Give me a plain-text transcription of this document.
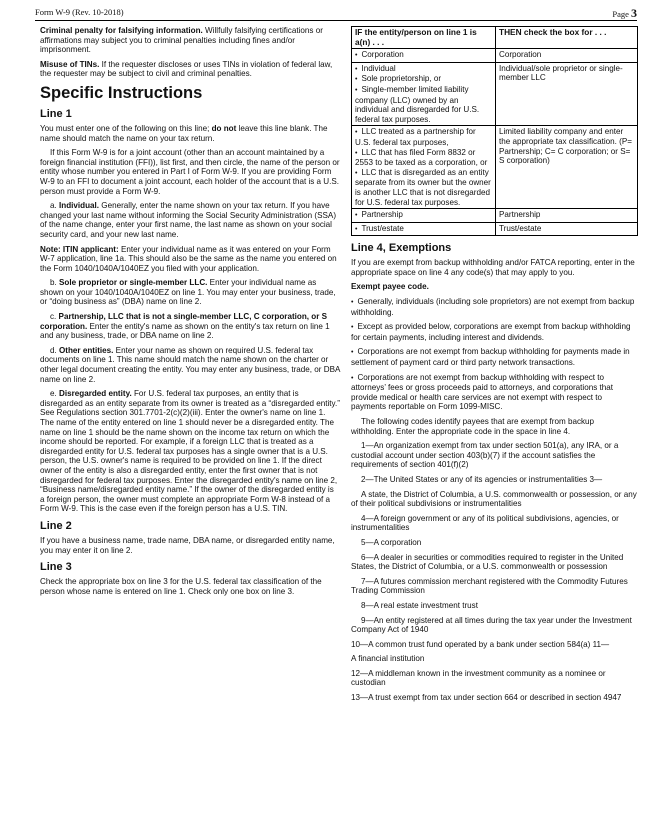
Form W-9 (Rev. 10-2018)	Page 3

Criminal penalty for falsifying information. Willfully falsifying certifications or affirmations may subject you to criminal penalties including fines and/or imprisonment.

Misuse of TINs. If the requester discloses or uses TINs in violation of federal law, the requester may be subject to civil and criminal penalties.

Specific Instructions
Line 1

You must enter one of the following on this line; do not leave this line blank. The name should match the name on your tax return.

If this Form W-9 is for a joint account (other than an account maintained by a foreign financial institution (FFI)), list first, and then circle, the name of the person or entity whose number you entered in Part I of Form W-9. If you are providing Form W-9 to an FFI to document a joint account, each holder of the account that is a U.S. person must provide a Form W-9.

a. Individual. Generally, enter the name shown on your tax return. If you have changed your last name without informing the Social Security Administration (SSA) of the name change, enter your first name, the last name as shown on your social security card, and your new last name.

Note: ITIN applicant: Enter your individual name as it was entered on your Form W-7 application, line 1a. This should also be the same as the name you entered on the Form 1040/1040A/1040EZ you filed with your application.

b. Sole proprietor or single-member LLC. Enter your individual name as shown on your 1040/1040A/1040EZ on line 1. You may enter your business, trade, or “doing business as” (DBA) name on line 2.

c. Partnership, LLC that is not a single-member LLC, C corporation, or S corporation. Enter the entity's name as shown on the entity's tax return on line 1 and any business, trade, or DBA name on line 2.

d. Other entities. Enter your name as shown on required U.S. federal tax documents on line 1. This name should match the name shown on the charter or other legal document creating the entity. You may enter any business, trade, or DBA name on line 2.

e. Disregarded entity. For U.S. federal tax purposes, an entity that is disregarded as an entity separate from its owner is treated as a “disregarded entity.” See Regulations section 301.7701-2(c)(2)(iii). Enter the owner's name on line 1. The name of the entity entered on line 1 should never be a disregarded entity. The name on line 1 should be the name shown on the income tax return on which the income should be reported. For example, if a foreign LLC that is treated as a disregarded entity for U.S. federal tax purposes has a single owner that is a U.S. person, the U.S. owner's name is required to be provided on line 1. If the direct owner of the entity is also a disregarded entity, enter the first owner that is not disregarded for federal tax purposes. Enter the disregarded entity's name on line 2, “Business name/disregarded entity name.” If the owner of the disregarded entity is a foreign person, the owner must complete an appropriate Form W-8 instead of a Form W-9. This is the case even if the foreign person has a U.S. TIN.

Line 2

If you have a business name, trade name, DBA name, or disregarded entity name, you may enter it on line 2.

Line 3

Check the appropriate box on line 3 for the U.S. federal tax classification of the person whose name is entered on line 1. Check only one box on line 3.

IF the entity/person on line 1 is a(n) . . .	THEN check the box for . . .

• Corporation	Corporation

• Individual
• Sole proprietorship, or
• Single-member limited liability company (LLC) owned by an individual and disregarded for U.S. federal tax purposes.	Individual/sole proprietor or single-member LLC

• LLC treated as a partnership for U.S. federal tax purposes,
• LLC that has filed Form 8832 or 2553 to be taxed as a corporation, or
• LLC that is disregarded as an entity separate from its owner but the owner is another LLC that is not disregarded for U.S. federal tax purposes.	Limited liability company and enter the appropriate tax classification. (P= Partnership; C= C corporation; or S= S corporation)

• Partnership	Partnership

• Trust/estate	Trust/estate
Line 4, Exemptions

If you are exempt from backup withholding and/or FATCA reporting, enter in the appropriate space on line 4 any code(s) that may apply to you.

Exempt payee code.

• Generally, individuals (including sole proprietors) are not exempt from backup withholding.

• Except as provided below, corporations are exempt from backup withholding for certain payments, including interest and dividends.

• Corporations are not exempt from backup withholding for payments made in settlement of payment card or third party network transactions.

• Corporations are not exempt from backup withholding with respect to attorneys’ fees or gross proceeds paid to attorneys, and corporations that provide medical or health care services are not exempt with respect to payments reportable on Form 1099-MISC.

The following codes identify payees that are exempt from backup withholding. Enter the appropriate code in the space in line 4.

1—An organization exempt from tax under section 501(a), any IRA, or a custodial account under section 403(b)(7) if the account satisfies the requirements of section 401(f)(2)

2—The United States or any of its agencies or instrumentalities 3—

A state, the District of Columbia, a U.S. commonwealth or possession, or any of their political subdivisions or instrumentalities

4—A foreign government or any of its political subdivisions, agencies, or instrumentalities

5—A corporation

6—A dealer in securities or commodities required to register in the United States, the District of Columbia, or a U.S. commonwealth or possession

7—A futures commission merchant registered with the Commodity Futures Trading Commission

8—A real estate investment trust

9—An entity registered at all times during the tax year under the Investment Company Act of 1940

10—A common trust fund operated by a bank under section 584(a) 11—

A financial institution

12—A middleman known in the investment community as a nominee or custodian

13—A trust exempt from tax under section 664 or described in section 4947
